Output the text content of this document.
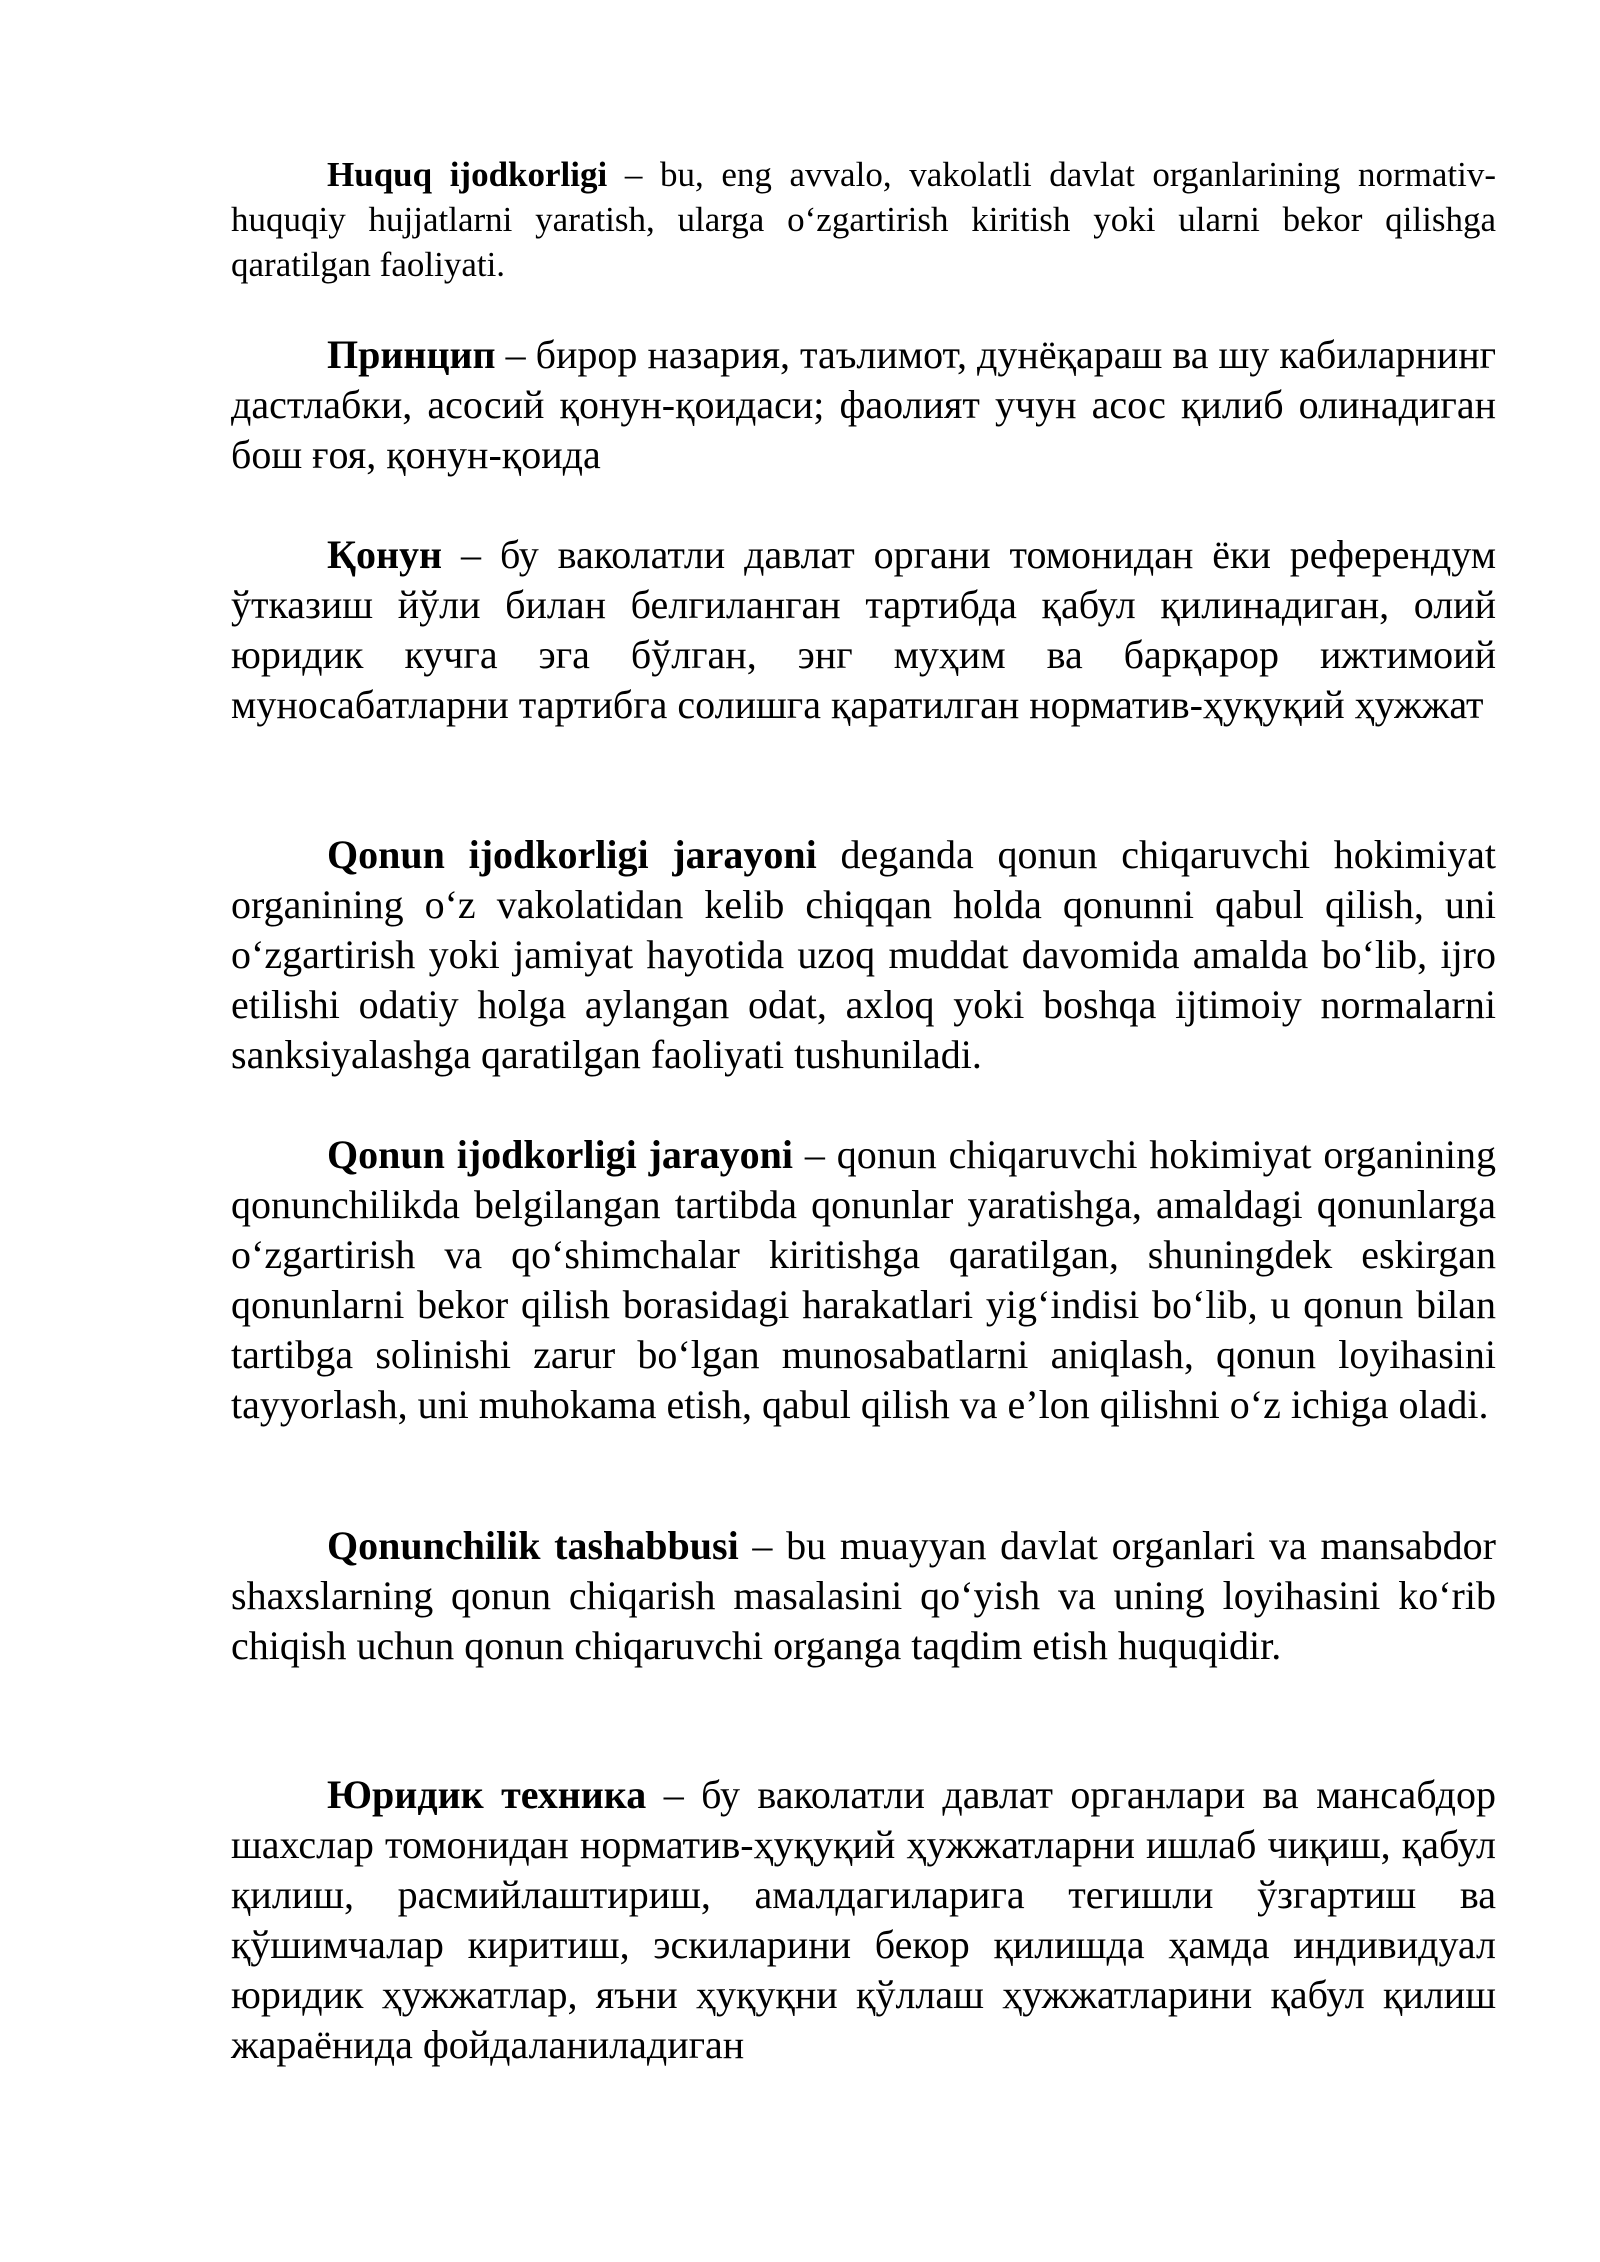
Huquq ijodkorligi – bu, eng avvalo, vakolatli davlat organlarining normativ-huquqiy hujjatlarni yaratish, ularga o‘zgartirish kiritish yoki ularni bekor qilishga qaratilgan faoliyati.

Принцип – бирор назария, таълимот, дунёқараш ва шу кабиларнинг дастлабки, асосий қонун-қоидаси; фаолият учун асос қилиб олинадиган бош ғоя, қонун-қоида

Қонун – бу ваколатли давлат органи томонидан ёки референдум ўтказиш йўли билан белгиланган тартибда қабул қилинадиган, олий юридик кучга эга бўлган, энг муҳим ва барқарор ижтимоий муносабатларни тартибга солишга қаратилган норматив-ҳуқуқий ҳужжат

Qonun ijodkorligi jarayoni deganda qonun chiqaruvchi hokimiyat organining o‘z vakolatidan kelib chiqqan holda qonunni qabul qilish, uni o‘zgartirish yoki jamiyat hayotida uzoq muddat davomida amalda bo‘lib, ijro etilishi odatiy holga aylangan odat, axloq yoki boshqa ijtimoiy normalarni sanksiyalashga qaratilgan faoliyati tushuniladi.

Qonun ijodkorligi jarayoni – qonun chiqaruvchi hokimiyat organining qonunchilikda belgilangan tartibda qonunlar yaratishga, amaldagi qonunlarga o‘zgartirish va qo‘shimchalar kiritishga qaratilgan, shuningdek eskirgan qonunlarni bekor qilish borasidagi harakatlari yig‘indisi bo‘lib, u qonun bilan tartibga solinishi zarur bo‘lgan munosabatlarni aniqlash, qonun loyihasini tayyorlash, uni muhokama etish, qabul qilish va e’lon qilishni o‘z ichiga oladi.

Qonunchilik tashabbusi – bu muayyan davlat organlari va mansabdor shaxslarning qonun chiqarish masalasini qo‘yish va uning loyihasini ko‘rib chiqish uchun qonun chiqaruvchi organga taqdim etish huquqidir.

Юридик техника – бу ваколатли давлат органлари ва мансабдор шахслар томонидан норматив-ҳуқуқий ҳужжатларни ишлаб чиқиш, қабул қилиш, расмийлаштириш, амалдагиларига тегишли ўзгартиш ва қўшимчалар киритиш, эскиларини бекор қилишда ҳамда индивидуал юридик ҳужжатлар, яъни ҳуқуқни қўллаш ҳужжатларини қабул қилиш жараёнида фойдаланиладиган
